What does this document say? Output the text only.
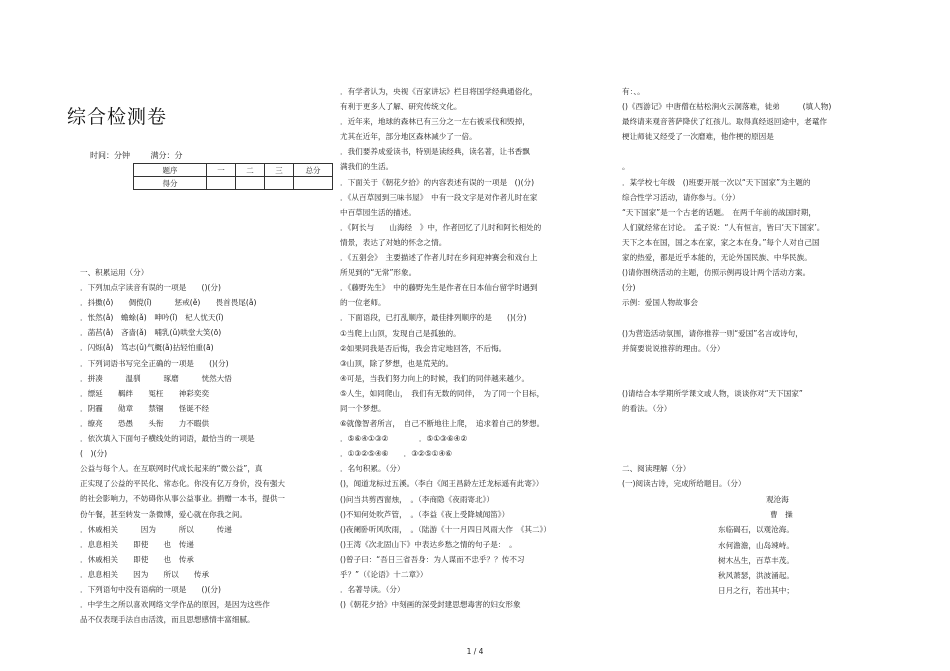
综合检测卷
时间：分钟	满分：分
题序	一	二	三	总分
得分				
一、积累运用（分）
．下列加点字读音有误的一项是　　()(分)
．抖擞(ǒ)　　倜傥(ǐ)　　　惩戒(ě)　　畏首畏尾(ǎ)
．怅然(ǎ)　蟾蜍(ǎ)　呻吟(ǐ)　杞人忧天(ǐ)
．菡萏(ǎ)　吝啬(ǎ)　哺乳(ǔ)哄堂大笑(ō)
．闪烁(ǎ)　笃志(ǔ)气概(ǎ)拈轻怕重(ā)
．下列词语书写完全正确的一项是　　()(分)
．拼凑　　　温驯　　　琢磨　　　恍然大悟
．缥延　　羁绊　　冤枉　　神彩奕奕
．阴霾　　勋章　　禁锢　　怪诞不经
．缭亮　　恐愚　　头衔　　力不暇供
．依次填入下面句子横线处的词语，最恰当的一项是
(　)(分)
公益与每个人。在互联网时代成长起来的“微公益”，真
正实现了公益的平民化、常态化。你没有亿万身价，没有强大
的社会影响力，不妨碍你从事公益事业。捐赠一本书，提供一
份午餐，甚至转发一条微博，爱心就在你我之间。
．休戚相关　　　因为　　　所以　　　传递
．息息相关　　即使　　也　传递
．休戚相关　　即使　　也　传承
．息息相关　　因为　　所以　　传承
．下列语句中没有语病的一项是　　()(分)
．中学生之所以喜欢网络文学作品的原因，是因为这些作
品不仅表现手法自由活泼，而且思想感情丰富细腻。
．有学者认为，央视《百家讲坛》栏目将国学经典通俗化，
有利于更多人了解、研究传统文化。
．近年来，地球的森林已有三分之一左右被采伐和毁掉，
尤其在近年，部分地区森林减少了一倍。
．我们要养成爱读书，特别是读经典，读名著，让书香飘
满我们的生活。
．下面关于《朝花夕拾》的内容表述有误的一项是　()(分)
．《从百草园到三味书屋》　中有一段文字是对作者儿时在家
中百草园生活的描述。
．《阿长与　　山海经　》中，作者回忆了儿时和阿长相处的
情景，表达了对她的怀念之情。
．《五猖会》　主要描述了作者儿时在乡间迎神赛会和戏台上
所见到的“无常”形象。
．《藤野先生》　中的藤野先生是作者在日本仙台留学时遇到
的一位老师。
．下面语段，已打乱顺序，最佳排列顺序的是　　()(分)
①当爬上山顶，发现自己是孤独的。
②如果同我是否后悔，我会肯定地回答，不后悔。
③山顶，除了梦想，也是荒芜的。
④可是，当我们努力向上的时候，我们的同伴越来越少。
⑤人生，如同爬山，　我们有无数的同伴，　为了同一个目标，
同一个梦想。
⑥就像智者所言，　自己不断地往上爬，　追求着自己的梦想。
．⑤⑥④①③②　　　　．⑤①③⑥④②
．①③②⑤④⑥　　．③②⑤①④⑥
．名句积累。（分）
()，闻道龙标过五溪。（李白《闻王昌龄左迁龙标遥有此寄》）
()问当共剪西窗烛，　。（李商隐《夜雨寄北》）
()不知何处吹芦管，　。（李益《夜上受降城闻笛》）
()夜阑卧听风吹雨，　。（陆游《十一月四日风雨大作　《其二》）
()王湾《次北固山下》中表达乡愁之情的句子是：　。
()曾子曰：“吾日三省吾身：为人谋而不忠乎？？传不习
乎？”（《论语》十二章》）
．名著导读。（分）
()《朝花夕拾》中刻画的深受封建思想毒害的妇女形象
有：、。
()《西游记》中唐僧在枯松涧火云洞落难，徒弟　　　(填人物)
最终请来观音菩萨降伏了红孩儿。取得真经返回途中，老鼋作
梗让师徒又经受了一次磨难，他作梗的原因是
。
．某学校七年级　()班要开展一次以“天下国家”为主题的
综合性学习活动，请你参与。（分）
“天下国家”是一个古老的话题。　在两千年前的战国时期，
人们就经常在讨论。　孟子说：“人有恒言，皆曰‘天下国家’。
天下之本在国，国之本在家，家之本在身。”每个人对自己国
家的热爱，都是近乎本能的，无论外国民族、中华民族。
()请你围绕活动的主题，仿照示例再设计两个活动方案。
(分)
示例：爱国人物故事会
()为营造活动氛围，请你推荐一则“爱国”名言或诗句，
并简要说说推荐的理由。（分）
()请结合本学期所学课文或人物，谈谈你对“天下国家”
的看法。（分）
二、阅读理解（分）
(一)阅读古诗，完成所给题目。（分）
观沧海
曹　操
东临碣石，以观沧海。
水何澹澹，山岛竦峙。
树木丛生，百草丰茂。
秋风萧瑟，洪波涌起。
日月之行，若出其中；
1 / 4
